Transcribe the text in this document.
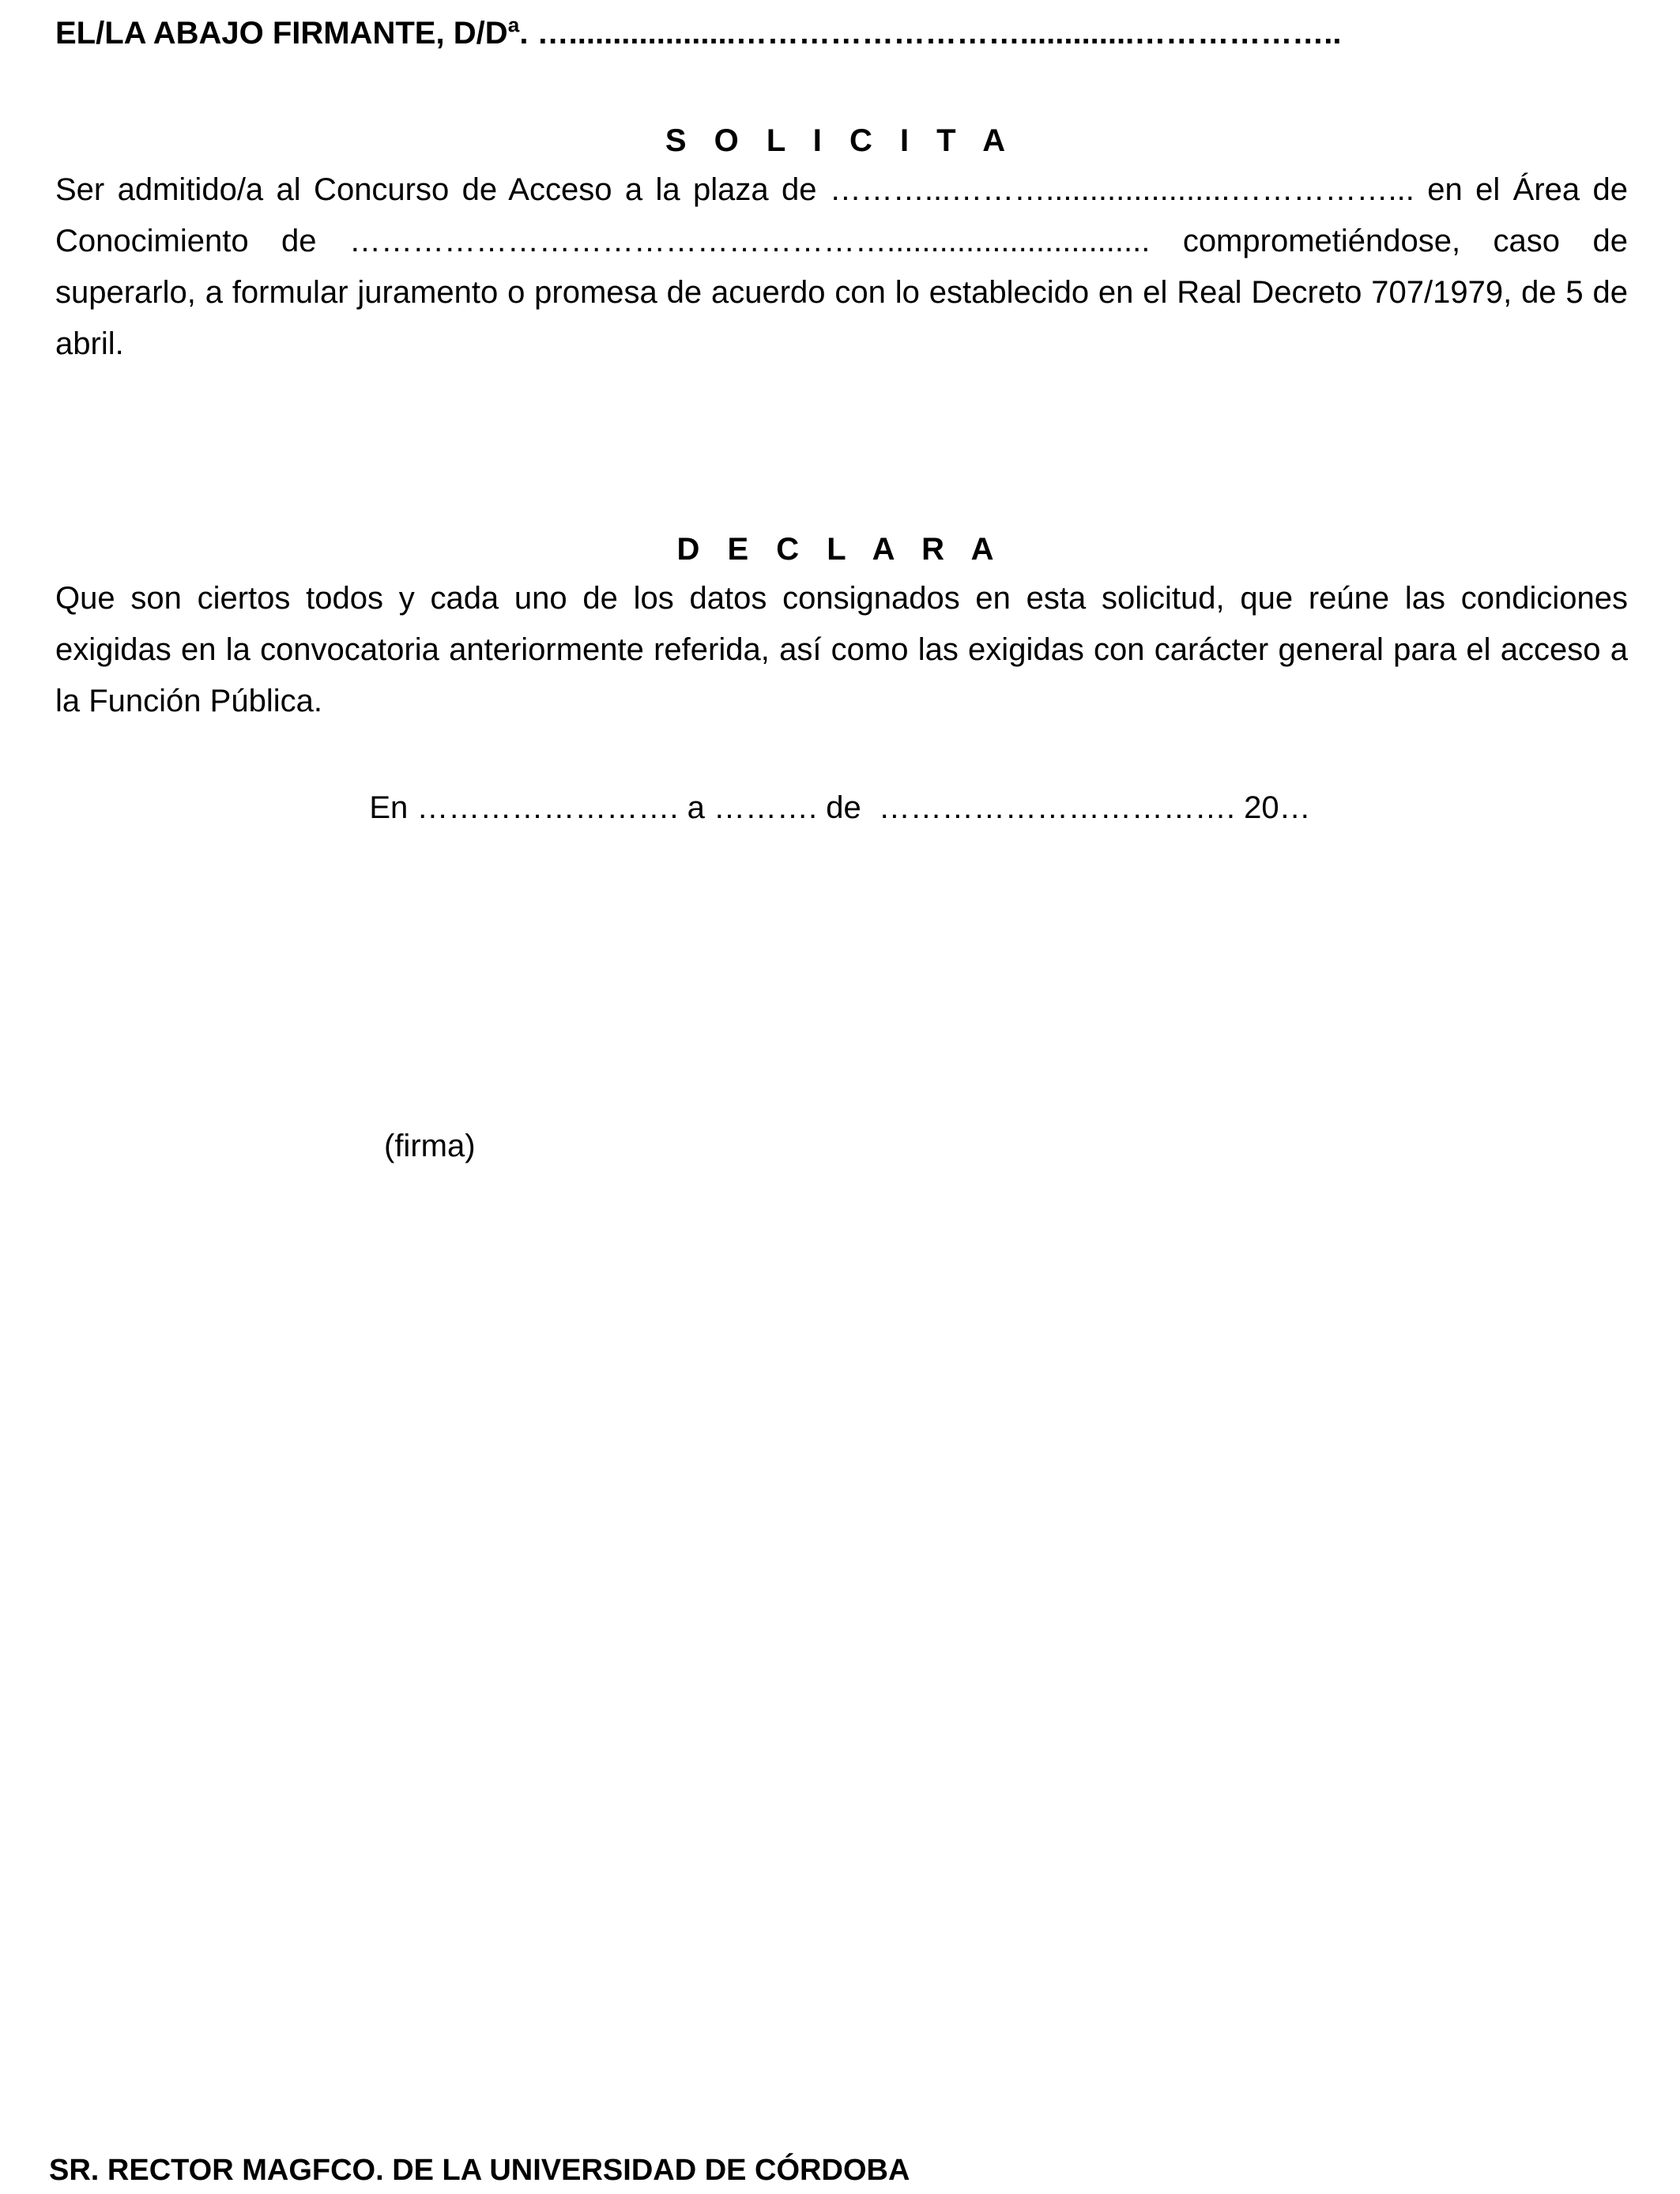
EL/LA ABAJO FIRMANTE, D/Dª. …...................……………………….............………………..
S O L I C I T A
Ser admitido/a al Concurso de Acceso a la plaza de ………...……….....................……………... en el Área de Conocimiento de …………………………………………….............................. comprometiéndose, caso de superarlo, a formular juramento o promesa de acuerdo con lo establecido en el Real Decreto 707/1979, de 5 de abril.
D E C L A R A
Que son ciertos todos y cada uno de los datos consignados en esta solicitud, que reúne las condiciones exigidas en la convocatoria anteriormente referida, así como las exigidas con carácter general para el acceso a la Función Pública.
En ……………………. a ………. de  ……………………………. 20…
(firma)
SR. RECTOR MAGFCO. DE LA UNIVERSIDAD DE CÓRDOBA
